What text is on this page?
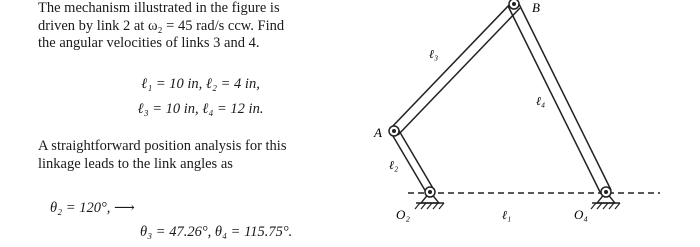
The mechanism illustrated in the figure is
driven by link 2 at ω₂ = 45 rad/s ccw. Find
the angular velocities of links 3 and 4.
ℓ₁ = 10 in, ℓ₂ = 4 in,
ℓ₃ = 10 in, ℓ₄ = 12 in.
A straightforward position analysis for this
linkage leads to the link angles as
θ₂ = 120°, ⟶
θ₃ = 47.26°, θ₄ = 115.75°.
A
B
O₂	O₄
ℓ₁
ℓ₂
ℓ₃
ℓ₄
